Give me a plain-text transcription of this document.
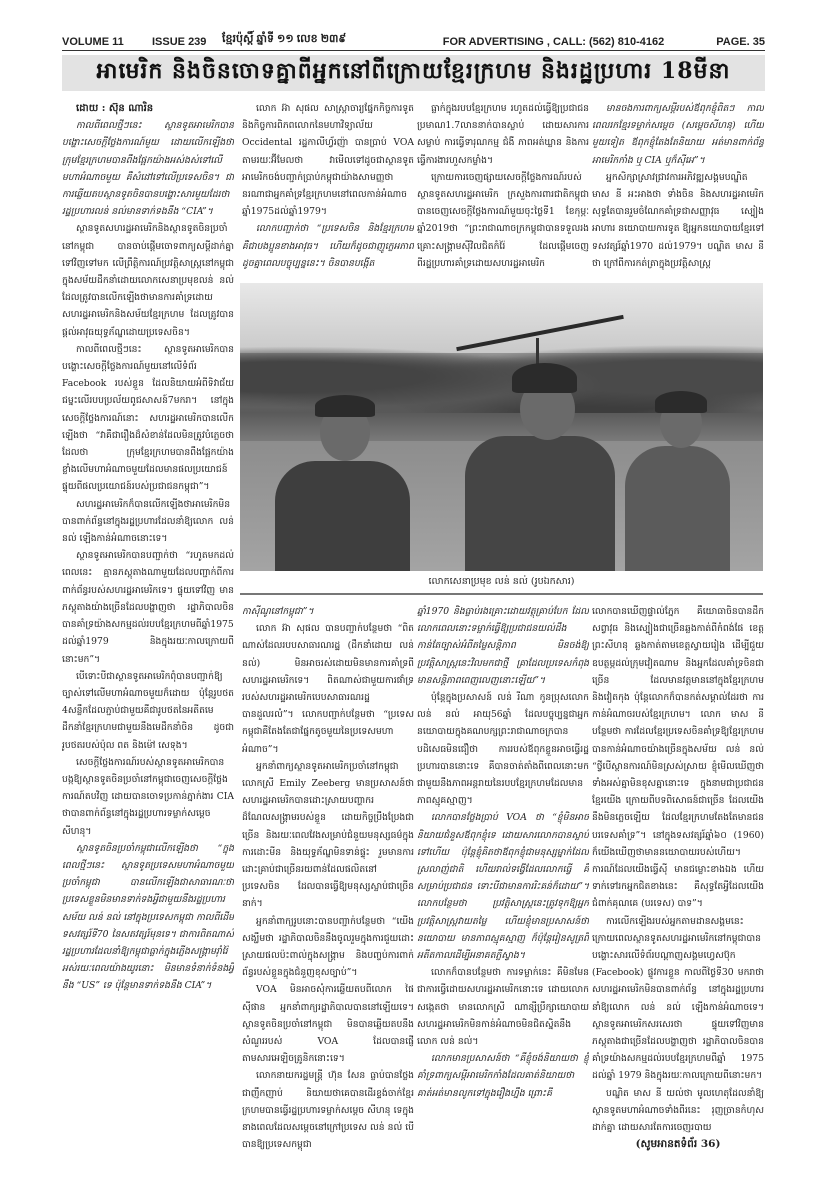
VOLUME 11	ISSUE 239	ខ្មែរប៉ុស្តិ៍ ឆ្នាំទី ១១ លេខ ២៣៩	FOR ADVERTISING , CALL: (562) 810-4162	PAGE. 35
អាមេរិក និងចិនចោទគ្នាពីអ្នកនៅពីក្រោយខ្មែរក្រហម និងរដ្ឋប្រហារ 18មីនា

ដោយ : ស៊ុន ណារិន

កាលពីពេលថ្មីៗនេះ ស្ថានទូតអាមេរិកបានបង្ហោះសេចក្ដីថ្លែងការណ៍មួយ ដោយលើកឡើងថា ក្រុមខ្មែរក្រហមបានពឹងផ្អែកយ៉ាងអស់ងស់ទៅលើមហាអំណាចមួយ គឺសំដៅទៅលើប្រទេសចិន។ ជាការឆ្លើយតបស្ថានទូតចិនបានបង្ហោះសារមួយដែរថា រដ្ឋប្រហារលន់ នល់មានទាក់ទងនឹង “CIA”។

ស្ថានទូតសហរដ្ឋអាមេរិកនិងស្ថានទូតចិនប្រចាំនៅកម្ពុជា បានចាប់ផ្ដើមចោទពាក្យសម្ដីដាក់គ្នាទៅវិញទៅមក លើព្រឹត្តិការណ៍ប្រវត្តិសាស្ត្រនៅកម្ពុជា ក្នុងសម័យដឹកនាំដោយលោកសេនាប្រមុខលន់ នល់ ដែលត្រូវបានលើកឡើងថាមានការគាំទ្រដោយសហរដ្ឋអាមេរិកនិងសម័យខ្មែរក្រហម ដែលត្រូវបានផ្ដល់អាវុធយុទ្ធភ័ណ្ឌដោយប្រទេសចិន។

កាលពីពេលថ្មីៗនេះ ស្ថានទូតអាមេរិកបានបង្ហោះសេចក្ដីថ្លែងការណ៍មួយនៅលើទំព័រ Facebook របស់ខ្លួន ដែលនិយាយអំពីទិវាជ័យជម្នះលើរបបប្រល័យពូជសាសន៍7មករា។ នៅក្នុងសេចក្ដីថ្លែងការណ៍នោះ សហរដ្ឋអាមេរិកបានលើកឡើងថា “វាគឺជារឿងដ៏សំខាន់ដែលមិនត្រូវបំភ្លេចថាដែលថា ក្រុមខ្មែរក្រហមបានពឹងផ្អែកយ៉ាងខ្លាំងលើមហាអំណាចមួយដែលមានផលប្រយោជន៍ផ្ទុយពីផលប្រយោជន៍របស់ប្រជាជនកម្ពុជា”។

សហរដ្ឋអាមេរិកក៏បានលើកឡើងថាអាមេរិកមិនបានពាក់ព័ន្ធនៅក្នុងរដ្ឋប្រហារដែលនាំឱ្យលោក លន់ នល់ ឡើងកាន់អំណាចនោះទេ។

ស្ថានទូតអាមេរិកបានបញ្ជាក់ថា “រហូតមកដល់ពេលនេះ គ្មានភស្តុតាងណាមួយដែលបញ្ជាក់ពីការពាក់ព័ន្ធរបស់សហរដ្ឋអាមេរិកទេ។ ផ្ទុយទៅវិញ មានភស្តុតាងយ៉ាងច្រើនដែលបង្ហាញថា រដ្ឋាភិបាលចិនបានគាំទ្រយ៉ាងសកម្មដល់របបខ្មែរក្រហមពីឆ្នាំ1975 ដល់ឆ្នាំ1979 និងក្នុងរយៈកាលក្រោយពីនោះមក”។

បើទោះបីជាស្ថានទូតអាមេរិកពុំបានបញ្ជាក់ឱ្យច្បាស់ទៅលើមហាអំណាចមួយក៏ដោយ ប៉ុន្តែរូបថត 4សន្លឹកដែលភ្ជាប់ជាមួយគឺជារូបថតនៃអតីតមេដឹកនាំខ្មែរក្រហមជាមួយនឹងមេដឹកនាំចិន ដូចជារូបថតរបស់ប៉ុល ពត និងម៉ៅ សេទុង។

សេចក្ដីថ្លែងការណ៍របស់ស្ថានទូតអាមេរិកបានបង្កឱ្យស្ថានទូតចិនប្រចាំនៅកម្ពុជាចេញសេចក្ដីថ្លែងការណ៍តបវិញ ដោយបានចោទប្រកាន់ភ្នាក់ងារ CIA ថាបានពាក់ព័ន្ធនៅក្នុងរដ្ឋប្រហារទម្លាក់សម្ដេច សីហនុ។

ស្ថានទូតចិនប្រចាំកម្ពុជាលើកឡើងថា “ក្នុងពេលថ្មីៗនេះ ស្ថានទូតប្រទេសមហាអំណាចមួយប្រចាំកម្ពុជា បានលើកឡើងជាសាធារណៈថា ប្រទេសខ្លួនមិនមានទាក់ទងអ្វីជាមួយនឹងរដ្ឋប្រហារសម័យ លន់ នល់ នៅក្នុងប្រទេសកម្ពុជា កាលពីដើមទសវត្សរ៍ទី70 នៃសតវត្សរ៍មុនទេ។ ជាការពិតណាស់ រដ្ឋប្រហារដែលនាំឱ្យកម្ពុជាធ្លាក់ក្នុងភ្លើងសង្គ្រាមរ៉ាំរ៉ៃអស់រយៈពេលយ៉ាងយូរនោះ មិនមានទំនាក់ទំនងអ្វីនឹង “US” ទេ ប៉ុន្តែមានទាក់ទងនឹង CIA”។

លោក អ៊ា សុផល សាស្ត្រាចារ្យផ្នែកកិច្ចការទូត និងកិច្ចការពិភពលោកនៃមហាវិទ្យាល័យ Occidental រដ្ឋកាលីហ្វ័រញ៉ា បានប្រាប់ VOA តាមរយៈអ៊ីមែលថា វាមើលទៅដូចជាស្ថានទូតអាមេរិកចង់បញ្ជាក់ប្រាប់កម្ពុជាយ៉ាងសាមញ្ញថា នរណាជាអ្នកគាំទ្រខ្មែរក្រហមនៅពេលកាន់អំណាចឆ្នាំ1975ដល់ឆ្នាំ1979។

លោកបញ្ជាក់ថា “ប្រទេសចិន និងខ្មែរក្រហមគឺជាបងប្អូនខាងអាវុធ។ ហើយក៏ដូចជាញូក្លេអភាពដូចគ្នាពេលបច្ចុប្បន្ននេះ។ ចិនបានបង្កើត

ធ្លាក់ក្នុងរបបខ្មែរក្រហម រហូតដល់ធ្វើឱ្យប្រជាជនប្រមាណ1.7លាននាក់បានស្លាប់ ដោយសារការសម្លាប់ ការធ្វើទារុណកម្ម ជំងឺ ភាពអត់ឃ្លាន និងការធ្វើការងារហួសកម្លាំង។

ក្រោយការចេញផ្សាយសេចក្ដីថ្លែងការណ៍របស់ស្ថានទូតសហរដ្ឋអាមេរិក ក្រសួងការពារជាតិកម្ពុជាបានចេញសេចក្ដីថ្លែងការណ៍មួយចុះថ្ងៃទី1 ខែកុម្ភៈ ឆ្នាំ2019ថា “ព្រះរាជាណាចក្រកម្ពុជាបានទទួលរងគ្រោះសង្គ្រាមស៊ីវិលជិតកំរ៉ៃ ដែលផ្ដើមចេញពីរដ្ឋប្រហារគាំទ្រដោយសហរដ្ឋអាមេរិក

មានចងការពាក្យសម្ដីរបស់ឪពុកខ្ញុំពិតៗ កាលពេលរកខ្មែរទម្លាក់សម្ដេច (សម្ដេចសីហនុ) ហើយមួយទៀត ឪពុកខ្ញុំតែងតែនិយាយ អត់មានពាក់ព័ន្ធអាមេរិកកាំង ឬ CIA ឬក៏ស៊ីអេ”។

អ្នកសិក្សាស្រាវជ្រាវការអភិវឌ្ឍសង្គមបណ្ឌិត មាស នី អះអាងថា ទាំងចិន និងសហរដ្ឋអាមេរិកសុទ្ធតែបានរួមចំណែកគាំទ្រជាសញ្ញាវុធ ស្បៀងអាហារ នយោបាយការទូត ឱ្យអ្នកនយោបាយខ្មែរទៅទសវត្សរ៍ឆ្នាំ1970 ដល់1979។ បណ្ឌិត មាស នី ថា ក្រៅពីការកត់ត្រាក្នុងប្រវត្តិសាស្ត្រ

លោកសេនាប្រមុខ លន់ នល់ (រូបឯកសារ)

កាស៊ីណូនៅកម្ពុជា”។

លោក អ៊ា សុផល បានបញ្ជាក់បន្ថែមថា “ពិតណាស់ដែលរបបសាធារណរដ្ឋ (ដឹកនាំដោយ លន់ នល់) មិនអាចរស់ដោយមិនមានការគាំទ្រពីសហរដ្ឋអាមេរិកទេ។ ពិតណាស់ជាមួយការផាំទ្ររបស់សហរដ្ឋអាមេរិកបេបសាធារណរដ្ឋបានដួលរលំ”។ លោកបញ្ជាក់បន្ថែមថា “ប្រទេសកម្ពុជាគឺតែងតែជាផ្នែកតូចមួយនៃប្រទេសមហាអំណាច”។

អ្នកនាំពាក្យស្ថានទូតអាមេរិកប្រចាំនៅកម្ពុជា លោកស្រី Emily Zeeberg មានប្រសាសន៍ថា សហរដ្ឋអាមេរិកបានដោះស្រាយបញ្ហាករដ៏ណែលសង្គ្រាមរបស់ខ្លួន ដោយកិច្ចប្រឹងប្រែងជាច្រើន និងរយៈពេលវែងសម្រាប់ជំនួយមនុស្សធម៌ក្នុងការដោះមីន និងយុទ្ធភ័ណ្ឌមិនទាន់ផ្ទុះ រួមមានការដោះគ្រាប់ជាច្រើនរយពាន់ដែលផលិតនៅប្រទេសចិន ដែលបានធ្វើឱ្យមនុស្សស្លាប់ជាច្រើននាក់។

អ្នកនាំពាក្យរូបនោះបានបញ្ជាក់បន្ថែមថា “យើងសង្ឃឹមថា រដ្ឋាភិបាលចិននឹងចូលរួមក្នុងការជួយដោះស្រាយផលប៉ះពាល់ក្នុងសង្គ្រាម និងបញ្ចប់ការពាក់ព័ន្ធរបស់ខ្លួនក្នុងជំនួញខុសច្បាប់”។

VOA មិនអាចសុំការឆ្លើយតបពីលោក ផៃ ស៊ីផាន អ្នកនាំពាក្យរដ្ឋាភិបាលបាននៅឡើយទេ។ ស្ថានទូតចិនប្រចាំនៅកម្ពុជា មិនបានឆ្លើយតបនឹងសំណួររបស់ VOA ដែលបានផ្ញើតាមសារអេឡិចត្រូនិកនោះទេ។

លោកនាយករដ្ឋមន្ត្រី ហ៊ុន សែន ធ្លាប់បានថ្លែងជាញឹកញាប់ និយាយថាគេបានដើរខ្ទង់ចាក់ខ្មែរក្រហមបានធ្វើរដ្ឋប្រហារទម្លាក់សម្ដេច សីហនុ ទេក្នុងនាងពេលដែលសម្ដេចនៅក្រៅប្រទេស លន់ នល់ បើបានឱ្យប្រទេសកម្ពុជា

ឆ្នាំ1970 និងធ្លាប់រងគ្រោះដោយវត្ថុគ្រាប់បែក ដែលលោកពេលនោះទម្លាក់ធ្វើឱ្យប្រជាជនយល់ដឹងកាន់តែច្បាស់អំពីតម្លៃសន្តិភាព មិនចង់ឱ្យប្រវត្តិសាស្ត្រនេះវិលមកជាថ្មី គ្រាដែលប្រទេសកំពុងមានសន្តិភាពពេញលេញនោះឡើយ”។

ប៉ុន្តែក្នុងប្រសាសន៍ លន់ រីណា កូនប្រុសលោក លន់ នល់ អាយុ56ឆ្នាំ ដែលបច្ចុប្បន្នជាអ្នកនយោបាយក្នុងគណបក្សព្រះរាជាណាចក្របានបដិសេធមិនជឿថា ការរបស់ឪពុកខ្លួនអាចធ្វើរដ្ឋប្រហារបាននោះទេ គឺបានចាត់តាំងពីពេលនោះមក ជាមួយនឹងភាពអន្តរាយនៃរបបខ្មែរក្រហមដែលមានភាពស្មុគស្មាញ។

លោកបានថ្លែងប្រាប់ VOA ថា “ខ្ញុំមិនអាចនិយាយជំនួសឪពុកខ្ញុំទេ ដោយសារលោកបានស្លាប់ទៅហើយ ប៉ុន្តែខ្ញុំគិតថាឪពុកខ្ញុំជាមនុស្សម្នាក់ដែលស្រលាញ់ជាតិ ហើយរាល់ទង្វើដែលលោកធ្វើ គឺសម្រាប់ប្រជាជន ទោះបីជាមានការរិះគន់ក៏ដោយ”។ លោកបន្ថែមថា ប្រវត្តិសាស្ត្រនេះត្រូវទុកឱ្យអ្នកប្រវត្តិសាស្ត្រវាយតម្លៃ ហើយខ្ញុំមានប្រសាសន៍ថានយោបាយ មានភាពស្មុគស្មាញ ក៏ប៉ុន្តែរៀនសូត្រពីអតីតកាលដើម្បីអនាគតភ្លឺស្វាង។

លោកក៏បានបន្ថែមថា ការទម្លាក់នេះ គឺមិនមែនជាការធ្វើដោយសហរដ្ឋអាមេរិកនោះទេ ដោយលោកសង្កេតថា មានលោកស្រី ណាន្សីប្រឹក្សាយោបាយសហរដ្ឋអាមេរិកមិនកាន់អំណាចមិនជិតស្និតនឹងលោក លន់ នល់។

លោកមានប្រសាសន៍ថា “គឺខ្ញុំចង់និយាយថា ខ្ញុំគាំទ្រពាក្យសម្ដីអាមេរិកកាំងដែលគាត់និយាយថា គាត់អត់មានលូកទៅក្នុងរឿងហ្នឹង ព្រោះគី

លោកបានឃើញផ្ទាល់ភ្នែក គឺយោធាចិនបានដឹកសព្វាវុធ និងស្បៀងជាច្រើនឆ្លងកាត់ពីកំពង់ផែ ខេត្តព្រះសីហនុ ឆ្លងកាត់តាមខេត្តស្វាយរៀង ដើម្បីជួយឧបត្ថម្ភដល់ក្រុមវៀតណាម និងអ្នកដែលគាំទ្រចិនជាច្រើន ដែលមានវត្តមាននៅក្នុងខ្មែរក្រហម និងវៀតកុង ប៉ុន្តែលោកក៏បានកត់សម្គាល់ដែរថា ការកាន់អំណាចរបស់ខ្មែរក្រហម។ លោក មាស នី បន្ថែមថា ការដែលខ្មែរប្រទេសចិនគាំទ្រឱ្យខ្មែរក្រហមបានកាន់អំណាចយ៉ាងច្រើនក្នុងសម័យ លន់ នល់ “ថ្វីបើស្ថានការណ៍មិនស្រស់ស្រាយ ខ្ញុំមើលឃើញថា ទាំងអស់គ្នាមិនខុសគ្នានោះទេ ក្នុងនាមជាប្រជាជនខ្មែរយើង ក្រោយពីបទពិសោធន៍ជាច្រើន ដែលយើងនឹងមិនភ្លេចឡើយ ដែលខ្មែរក្រហមតែងតែមានជនបរទេសគាំទ្រ”។ នៅក្នុងទសវត្សរ៍ឆ្នាំ៦០ (1960) ក៏យើងឃើញថាមាននយោបាយរបស់ហើយ។ ការណ៍ដែលយើងធ្វើស៊ី មានជម្លោះខាងឯង ហើយទាក់ទៅរកអ្នកជិតខាងនេះ គឺសុទ្ធតែអ្វីដែលយើងជំពាក់គុណគេ (បរទេស) បាទ”។

ការលើកឡើងរបស់អ្នកតាមដានសង្គមនេះ ក្រោយពេលស្ថានទូតសហរដ្ឋអាមេរិកនៅកម្ពុជាបានបង្ហោះសារលើទំព័របណ្ដាញសង្គមហ្វេសប៊ុក (Facebook) ផ្លូវការខ្លួន កាលពីថ្ងៃទី30 មករាថា សហរដ្ឋអាមេរិកមិនបានពាក់ព័ន្ធ នៅក្នុងរដ្ឋប្រហារនាំឱ្យលោក លន់ នល់ ឡើងកាន់អំណាចទេ។ ស្ថានទូតអាមេរិកសរសេរថា ផ្ទុយទៅវិញមានភស្តុតាងជាច្រើនដែលបង្ហាញថា រដ្ឋាភិបាលចិនបានគាំទ្រយ៉ាងសកម្មដល់របបខ្មែរក្រហមពីឆ្នាំ 1975 ដល់ឆ្នាំ 1979 និងក្នុងរយៈកាលក្រោយពីនោះមក។

បណ្ឌិត មាស នី យល់ថា មូលហេតុដែលនាំឱ្យស្ថានទូតមហាអំណាចទាំងពីរនេះ រុញច្រានកំហុសដាក់គ្នា ដោយសារតែការចេញរបាយ

(សូមអានតទំព័រ 36)
